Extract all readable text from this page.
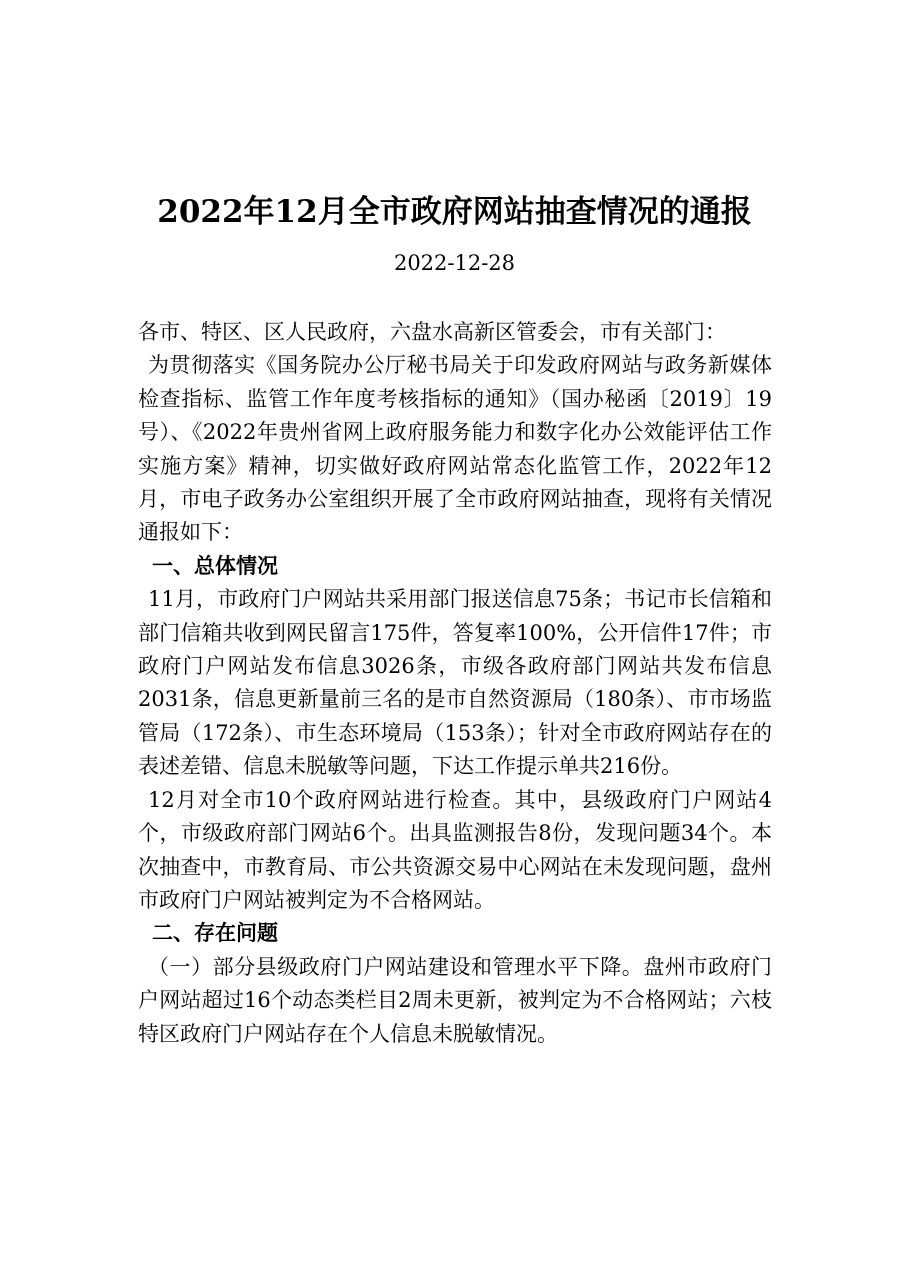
2022年12月全市政府网站抽查情况的通报
2022-12-28

各市、特区、区人民政府，六盘水高新区管委会，市有关部门：

为贯彻落实《国务院办公厅秘书局关于印发政府网站与政务新媒体检查指标、监管工作年度考核指标的通知》（国办秘函〔2019〕19号）、《2022年贵州省网上政府服务能力和数字化办公效能评估工作实施方案》精神，切实做好政府网站常态化监管工作，2022年12月，市电子政务办公室组织开展了全市政府网站抽查，现将有关情况通报如下：

一、总体情况

11月，市政府门户网站共采用部门报送信息75条；书记市长信箱和部门信箱共收到网民留言175件，答复率100%，公开信件17件；市政府门户网站发布信息3026条，市级各政府部门网站共发布信息2031条，信息更新量前三名的是市自然资源局（180条）、市市场监管局（172条）、市生态环境局（153条）；针对全市政府网站存在的表述差错、信息未脱敏等问题，下达工作提示单共216份。

12月对全市10个政府网站进行检查。其中，县级政府门户网站4个，市级政府部门网站6个。出具监测报告8份，发现问题34个。本次抽查中，市教育局、市公共资源交易中心网站在未发现问题，盘州市政府门户网站被判定为不合格网站。

二、存在问题

（一）部分县级政府门户网站建设和管理水平下降。盘州市政府门户网站超过16个动态类栏目2周未更新，被判定为不合格网站；六枝特区政府门户网站存在个人信息未脱敏情况。
